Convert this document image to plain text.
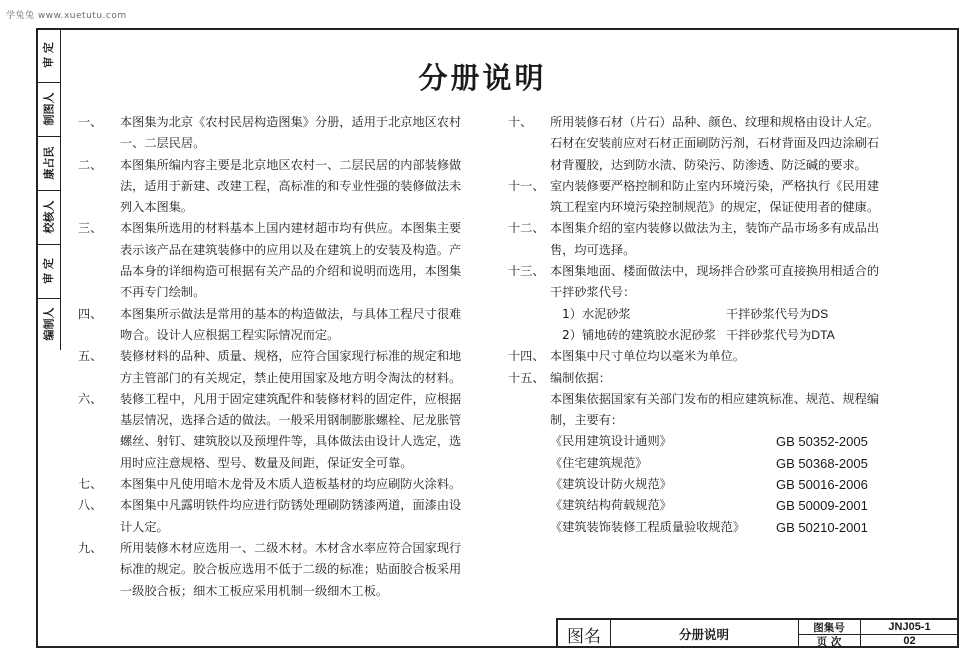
学兔兔 www.xuetutu.com
审 定
制图人
康占民
校核人
审 定
编制人
分册说明
一、	本图集为北京《农村民居构造图集》分册，适用于北京地区农村
一、二层民居。
二、	本图集所编内容主要是北京地区农村一、二层民居的内部装修做
法，适用于新建、改建工程，高标准的和专业性强的装修做法未
列入本图集。
三、	本图集所选用的材料基本上国内建材超市均有供应。本图集主要
表示该产品在建筑装修中的应用以及在建筑上的安装及构造。产
品本身的详细构造可根据有关产品的介绍和说明而选用，本图集
不再专门绘制。
四、	本图集所示做法是常用的基本的构造做法，与具体工程尺寸很难
吻合。设计人应根据工程实际情况而定。
五、	装修材料的品种、质量、规格，应符合国家现行标准的规定和地
方主管部门的有关规定，禁止使用国家及地方明令淘汰的材料。
六、	装修工程中，凡用于固定建筑配件和装修材料的固定件，应根据
基层情况，选择合适的做法。一般采用钢制膨胀螺栓、尼龙胀管
螺丝、射钉、建筑胶以及预埋件等，具体做法由设计人选定，选
用时应注意规格、型号、数量及间距，保证安全可靠。
七、	本图集中凡使用暗木龙骨及木质人造板基材的均应刷防火涂料。
八、	本图集中凡露明铁件均应进行防锈处理刷防锈漆两道，面漆由设
计人定。
九、	所用装修木材应选用一、二级木材。木材含水率应符合国家现行
标准的规定。胶合板应选用不低于二级的标准；贴面胶合板采用
一级胶合板；细木工板应采用机制一级细木工板。
十、	所用装修石材（片石）品种、颜色、纹理和规格由设计人定。
石材在安装前应对石材正面刷防污剂，石材背面及四边涂刷石
材背覆胶，达到防水渍、防染污、防渗透、防泛碱的要求。
十一、 室内装修要严格控制和防止室内环境污染，严格执行《民用建
筑工程室内环境污染控制规范》的规定，保证使用者的健康。
十二、 本图集介绍的室内装修以做法为主，装饰产品市场多有成品出
售，均可选择。
十三、 本图集地面、楼面做法中，现场拌合砂浆可直接换用相适合的
干拌砂浆代号：
1）水泥砂浆	干拌砂浆代号为DS
2）铺地砖的建筑胶水泥砂浆 干拌砂浆代号为DTA
十四、 本图集中尺寸单位均以毫米为单位。
十五、 编制依据：
本图集依据国家有关部门发布的相应建筑标准、规范、规程编
制，主要有：
《民用建筑设计通则》	GB 50352-2005
《住宅建筑规范》	GB 50368-2005
《建筑设计防火规范》	GB 50016-2006
《建筑结构荷载规范》	GB 50009-2001
《建筑装饰装修工程质量验收规范》	GB 50210-2001
图名	分册说明	图集号	JNJ05-1
页 次	02
